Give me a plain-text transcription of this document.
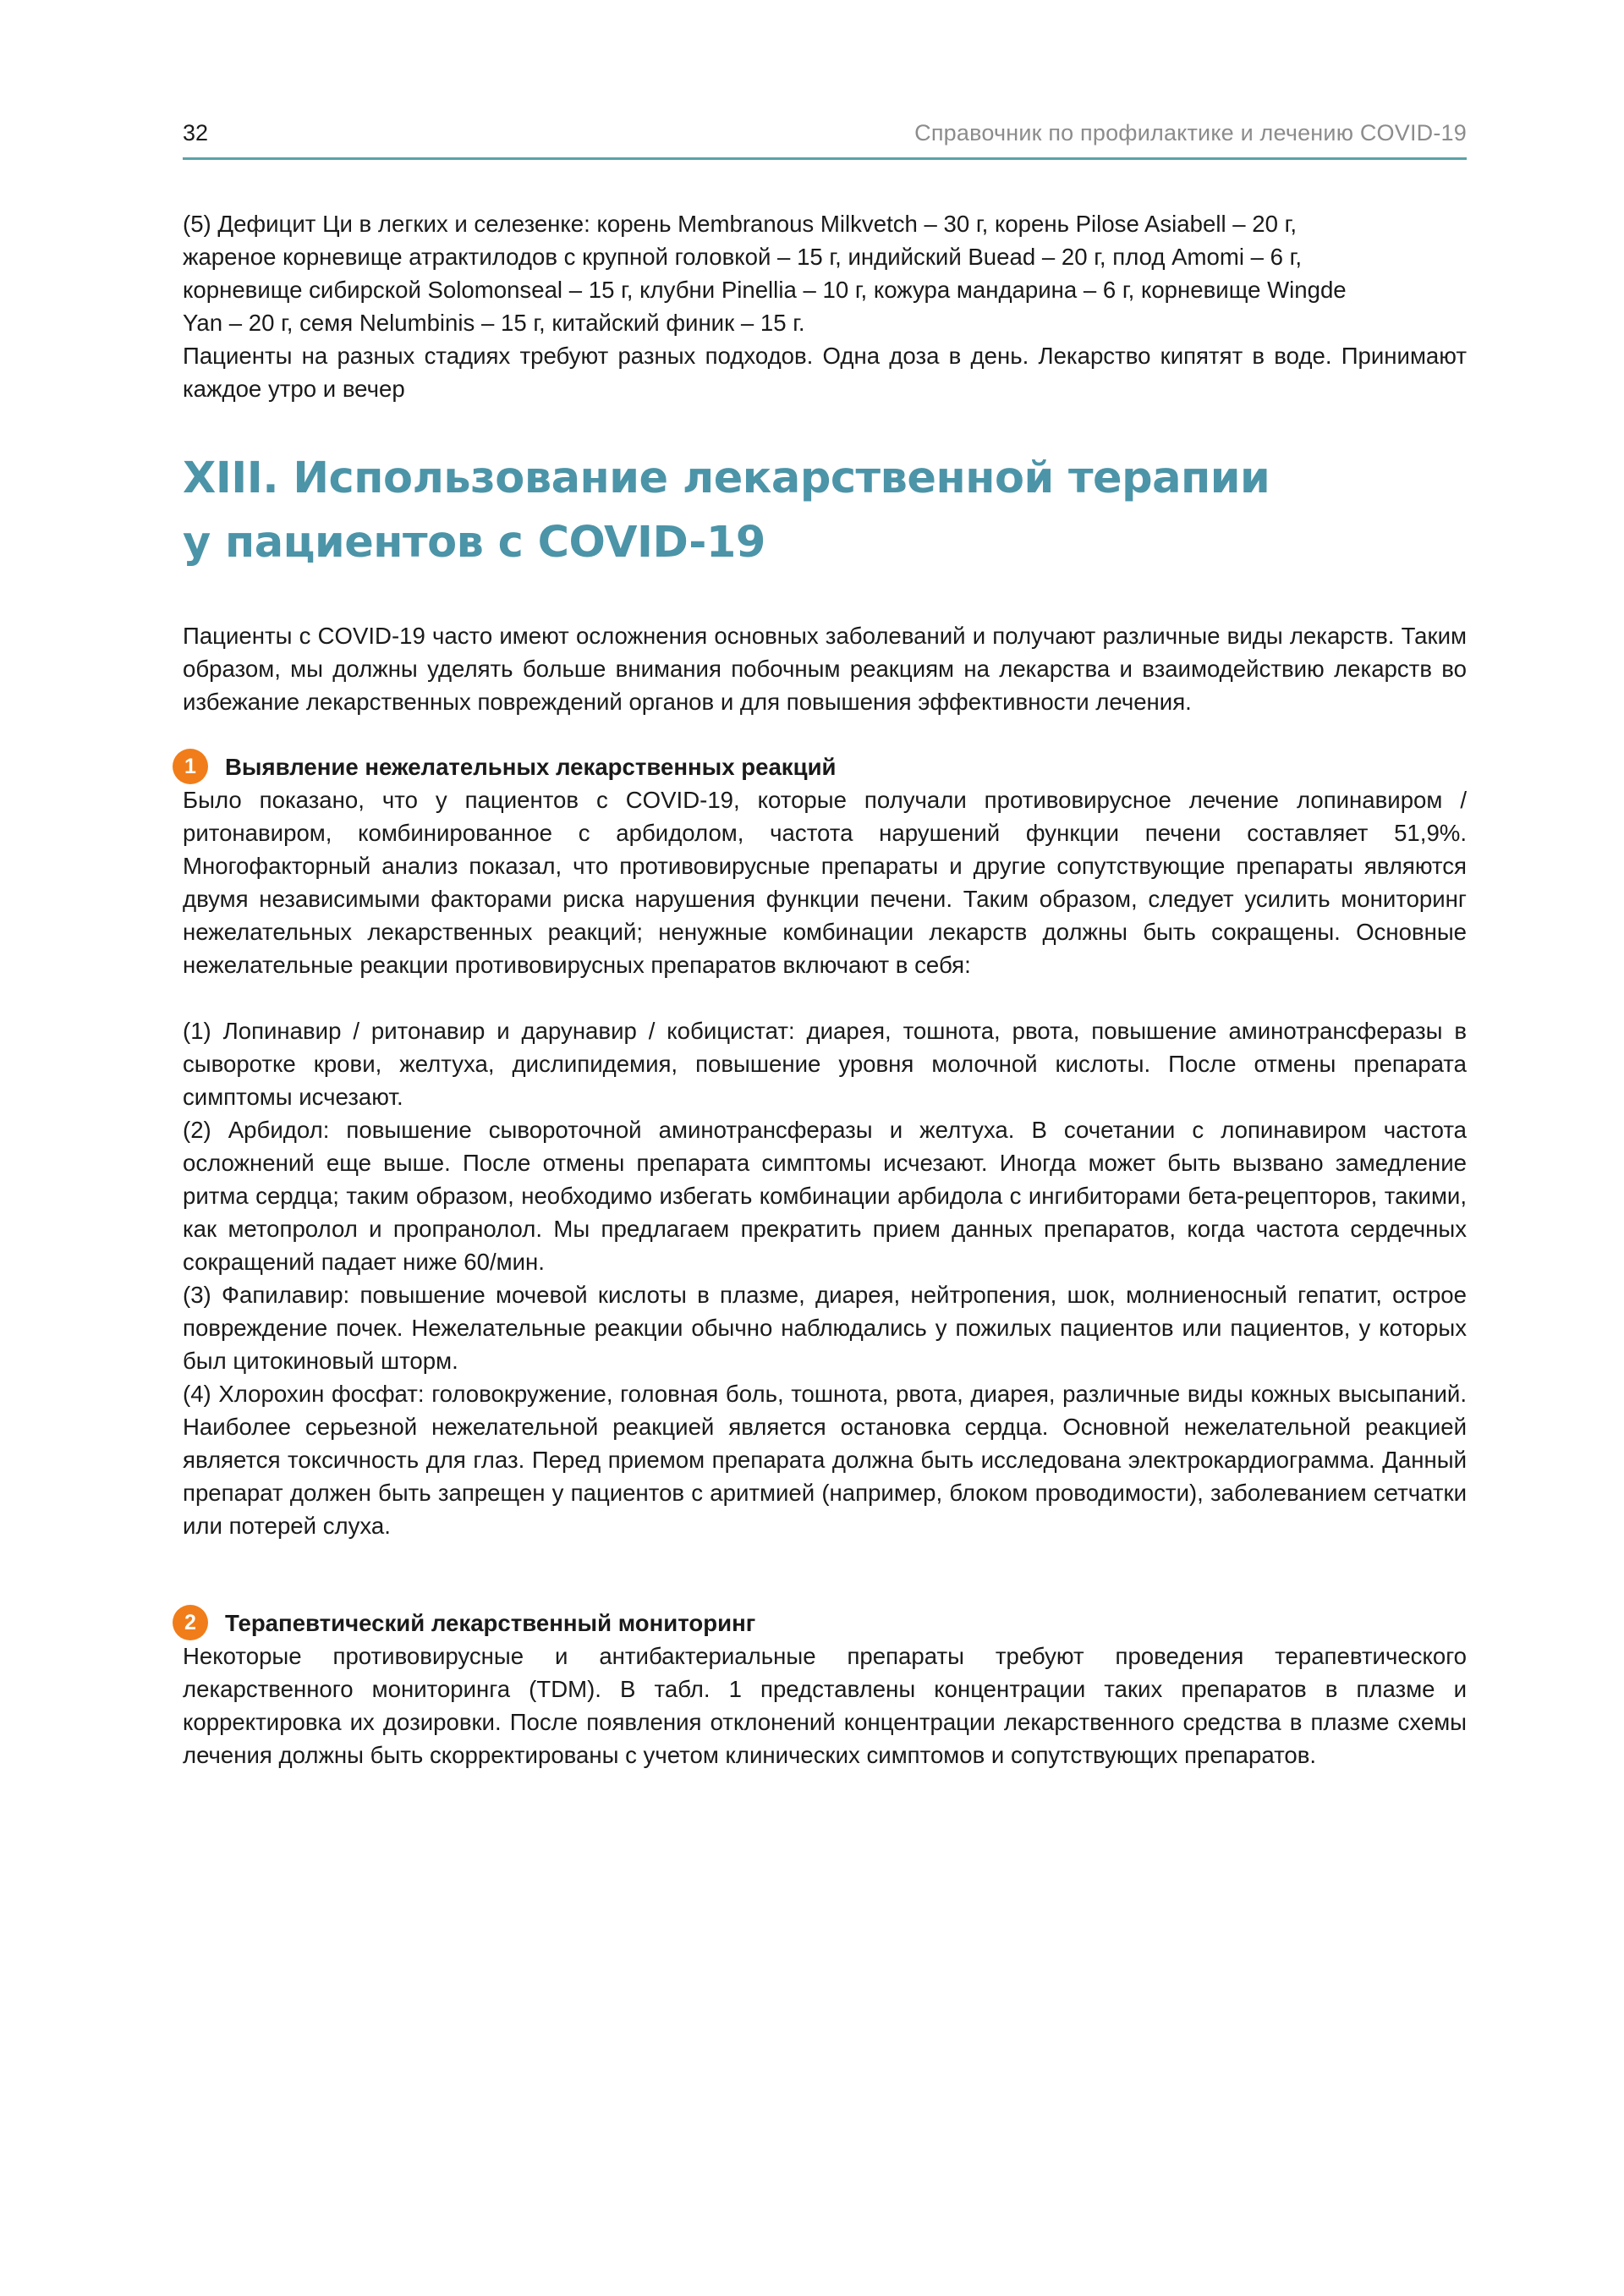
32	Справочник по профилактике и лечению COVID-19

(5) Дефицит Ци в легких и селезенке: корень Membranous Milkvetch – 30 г, корень Pilose Asiabell – 20 г,

жареное корневище атрактилодов с крупной головкой – 15 г, индийский Buead – 20 г, плод Amomi – 6 г,

корневище сибирской Solomonseal – 15 г, клубни Pinellia – 10 г, кожура мандарина – 6 г, корневище Wingde

Yan – 20 г, семя Nelumbinis – 15 г, китайский финик – 15 г.

Пациенты на разных стадиях требуют разных подходов. Одна доза в день. Лекарство кипятят в воде. Принимают каждое утро и вечер

XIII. Использование лекарственной терапии

у пациентов с COVID-19

Пациенты с COVID-19 часто имеют осложнения основных заболеваний и получают различные виды лекарств. Таким образом, мы должны уделять больше внимания побочным реакциям на лекарства и взаимодействию лекарств во избежание лекарственных повреждений органов и для повышения эффективности лечения.

1	Выявление нежелательных лекарственных реакций

Было показано, что у пациентов с COVID-19, которые получали противовирусное лечение лопинавиром / ритонавиром, комбинированное с арбидолом, частота нарушений функции печени составляет 51,9%. Многофакторный анализ показал, что противовирусные препараты и другие сопутствующие препараты являются двумя независимыми факторами риска нарушения функции печени. Таким образом, следует усилить мониторинг нежелательных лекарственных реакций; ненужные комбинации лекарств должны быть сокращены. Основные нежелательные реакции противовирусных препаратов включают в себя:

(1) Лопинавир / ритонавир и дарунавир / кобицистат: диарея, тошнота, рвота, повышение аминотрансферазы в сыворотке крови, желтуха, дислипидемия, повышение уровня молочной кислоты. После отмены препарата симптомы исчезают.

(2) Арбидол: повышение сывороточной аминотрансферазы и желтуха. В сочетании с лопинавиром частота осложнений еще выше. После отмены препарата симптомы исчезают. Иногда может быть вызвано замедление ритма сердца; таким образом, необходимо избегать комбинации арбидола с ингибиторами бета-рецепторов, такими, как метопролол и пропранолол. Мы предлагаем прекратить прием данных препаратов, когда частота сердечных сокращений падает ниже 60/мин.

(3) Фапилавир: повышение мочевой кислоты в плазме, диарея, нейтропения, шок, молниеносный гепатит, острое повреждение почек. Нежелательные реакции обычно наблюдались у пожилых пациентов или пациентов, у которых был цитокиновый шторм.

(4) Хлорохин фосфат: головокружение, головная боль, тошнота, рвота, диарея, различные виды кожных высыпаний. Наиболее серьезной нежелательной реакцией является остановка сердца. Основной нежелательной реакцией является токсичность для глаз. Перед приемом препарата должна быть исследована электрокардиограмма. Данный препарат должен быть запрещен у пациентов с аритмией (например, блоком проводимости), заболеванием сетчатки или потерей слуха.

2	Терапевтический лекарственный мониторинг

Некоторые противовирусные и антибактериальные препараты требуют проведения терапевтического лекарственного мониторинга (TDM). В табл. 1 представлены концентрации таких препаратов в плазме и корректировка их дозировки. После появления отклонений концентрации лекарственного средства в плазме схемы лечения должны быть скорректированы с учетом клинических симптомов и сопутствующих препаратов.
